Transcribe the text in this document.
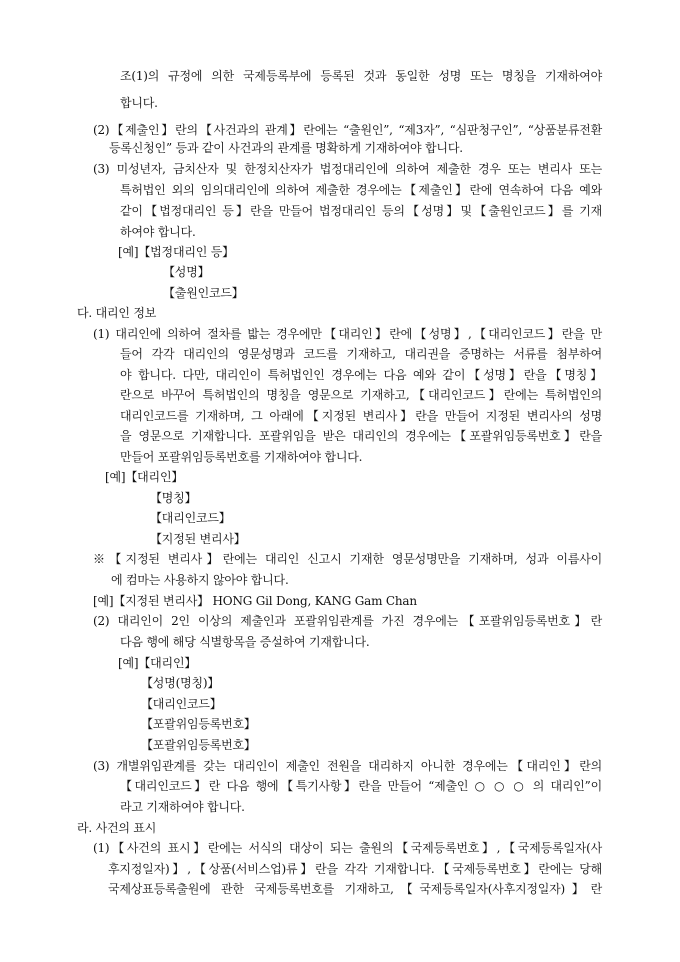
조(1)의 규정에 의한 국제등록부에 등록된 것과 동일한 성명 또는 명칭을 기재하여야
합니다.
(2)【제출인】란의【사건과의 관계】란에는 “출원인”, “제3자”, “심판청구인”, “상품분류전환
등록신청인” 등과 같이 사건과의 관계를 명확하게 기재하여야 합니다.
(3) 미성년자, 금치산자 및 한정치산자가 법정대리인에 의하여 제출한 경우 또는 변리사 또는
특허법인 외의 임의대리인에 의하여 제출한 경우에는【제출인】란에 연속하여 다음 예와
같이【법정대리인 등】란을 만들어 법정대리인 등의【성명】및【출원인코드】를 기재
하여야 합니다.
[예]【법정대리인 등】
【성명】
【출원인코드】
다. 대리인 정보
(1) 대리인에 의하여 절차를 밟는 경우에만【대리인】란에【성명】,【대리인코드】란을 만
들어 각각 대리인의 영문성명과 코드를 기재하고, 대리권을 증명하는 서류를 첨부하여
야 합니다. 다만, 대리인이 특허법인인 경우에는 다음 예와 같이【성명】란을【명칭】
란으로 바꾸어 특허법인의 명칭을 영문으로 기재하고,【대리인코드】란에는 특허법인의
대리인코드를 기재하며, 그 아래에【지정된 변리사】란을 만들어 지정된 변리사의 성명
을 영문으로 기재합니다. 포괄위임을 받은 대리인의 경우에는【포괄위임등록번호】란을
만들어 포괄위임등록번호를 기재하여야 합니다.
[예]【대리인】
【명칭】
【대리인코드】
【지정된 변리사】
※【지정된 변리사】란에는 대리인 신고시 기재한 영문성명만을 기재하며, 성과 이름사이
에 컴마는 사용하지 않아야 합니다.
[예]【지정된 변리사】 HONG Gil Dong, KANG Gam Chan
(2) 대리인이 2인 이상의 제출인과 포괄위임관계를 가진 경우에는【포괄위임등록번호】란
다음 행에 해당 식별항목을 증설하여 기재합니다.
[예]【대리인】
【성명(명칭)】
【대리인코드】
【포괄위임등록번호】
【포괄위임등록번호】
(3) 개별위임관계를 갖는 대리인이 제출인 전원을 대리하지 아니한 경우에는【대리인】란의
【대리인코드】란 다음 행에【특기사항】란을 만들어 “제출인 ○ ○ ○ 의 대리인”이
라고 기재하여야 합니다.
라. 사건의 표시
(1)【사건의 표시】란에는 서식의 대상이 되는 출원의【국제등록번호】,【국제등록일자(사
후지정일자)】,【상품(서비스업)류】란을 각각 기재합니다.【국제등록번호】란에는 당해
국제상표등록출원에 관한 국제등록번호를 기재하고,【국제등록일자(사후지정일자)】란
